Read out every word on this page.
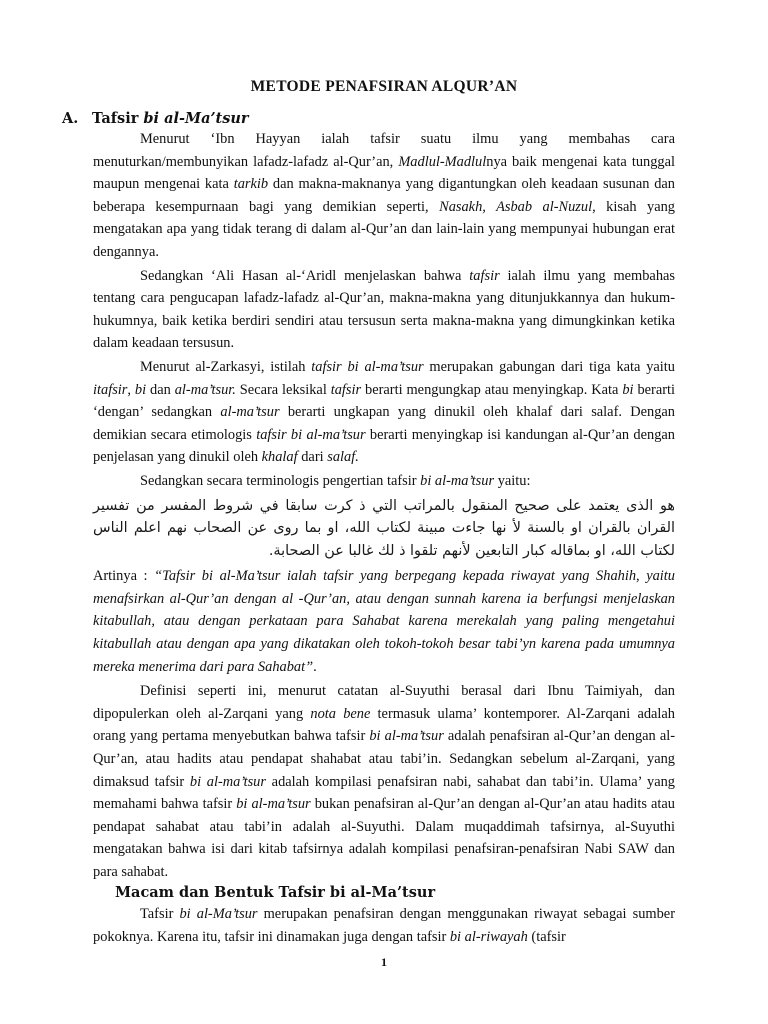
METODE PENAFSIRAN ALQUR’AN
A. Tafsir bi al-Ma’tsur

Menurut ‘Ibn Hayyan ialah tafsir suatu ilmu yang membahas cara menuturkan/membunyikan lafadz-lafadz al-Qur’an, Madlul-Madlulnya baik mengenai kata tunggal maupun mengenai kata tarkib dan makna-maknanya yang digantungkan oleh keadaan susunan dan beberapa kesempurnaan bagi yang demikian seperti, Nasakh, Asbab al-Nuzul, kisah yang mengatakan apa yang tidak terang di dalam al-Qur’an dan lain-lain yang mempunyai hubungan erat dengannya.

Sedangkan ‘Ali Hasan al-‘Aridl menjelaskan bahwa tafsir ialah ilmu yang membahas tentang cara pengucapan lafadz-lafadz al-Qur’an, makna-makna yang ditunjukkannya dan hukum-hukumnya, baik ketika berdiri sendiri atau tersusun serta makna-makna yang dimungkinkan ketika dalam keadaan tersusun.

Menurut al-Zarkasyi, istilah tafsir bi al-ma’tsur merupakan gabungan dari tiga kata yaitu itafsir, bi dan al-ma’tsur. Secara leksikal tafsir berarti mengungkap atau menyingkap. Kata bi berarti ‘dengan’ sedangkan al-ma’tsur berarti ungkapan yang dinukil oleh khalaf dari salaf. Dengan demikian secara etimologis tafsir bi al-ma’tsur berarti menyingkap isi kandungan al-Qur’an dengan penjelasan yang dinukil oleh khalaf dari salaf.

Sedangkan secara terminologis pengertian tafsir bi al-ma’tsur yaitu:

هو الذى يعتمد على صحيح المنقول بالمراتب التي ذ كرت سابقا في شروط المفسر من تفسير القران بالقران او بالسنة لأ نها جاءت مبينة لكتاب الله، او بما روى عن الصحاب نهم اعلم الناس لكتاب الله، او بماقاله كبار التابعين لأنهم تلقوا ذ لك غالبا عن الصحابة.

Artinya : “Tafsir bi al-Ma’tsur ialah tafsir yang berpegang kepada riwayat yang Shahih, yaitu menafsirkan al-Qur’an dengan al -Qur’an, atau dengan sunnah karena ia berfungsi menjelaskan kitabullah, atau dengan perkataan para Sahabat karena merekalah yang paling mengetahui kitabullah atau dengan apa yang dikatakan oleh tokoh-tokoh besar tabi’yn karena pada umumnya mereka menerima dari para Sahabat”.

Definisi seperti ini, menurut catatan al-Suyuthi berasal dari Ibnu Taimiyah, dan dipopulerkan oleh al-Zarqani yang nota bene termasuk ulama’ kontemporer. Al-Zarqani adalah orang yang pertama menyebutkan bahwa tafsir bi al-ma’tsur adalah penafsiran al-Qur’an dengan al-Qur’an, atau hadits atau pendapat shahabat atau tabi’in. Sedangkan sebelum al-Zarqani, yang dimaksud tafsir bi al-ma’tsur adalah kompilasi penafsiran nabi, sahabat dan tabi’in. Ulama’ yang memahami bahwa tafsir bi al-ma’tsur bukan penafsiran al-Qur’an dengan al-Qur’an atau hadits atau pendapat sahabat atau tabi’in adalah al-Suyuthi. Dalam muqaddimah tafsirnya, al-Suyuthi mengatakan bahwa isi dari kitab tafsirnya adalah kompilasi penafsiran-penafsiran Nabi SAW dan para sahabat.

Macam dan Bentuk Tafsir bi al-Ma’tsur

Tafsir bi al-Ma’tsur merupakan penafsiran dengan menggunakan riwayat sebagai sumber pokoknya. Karena itu, tafsir ini dinamakan juga dengan tafsir bi al-riwayah (tafsir

1
